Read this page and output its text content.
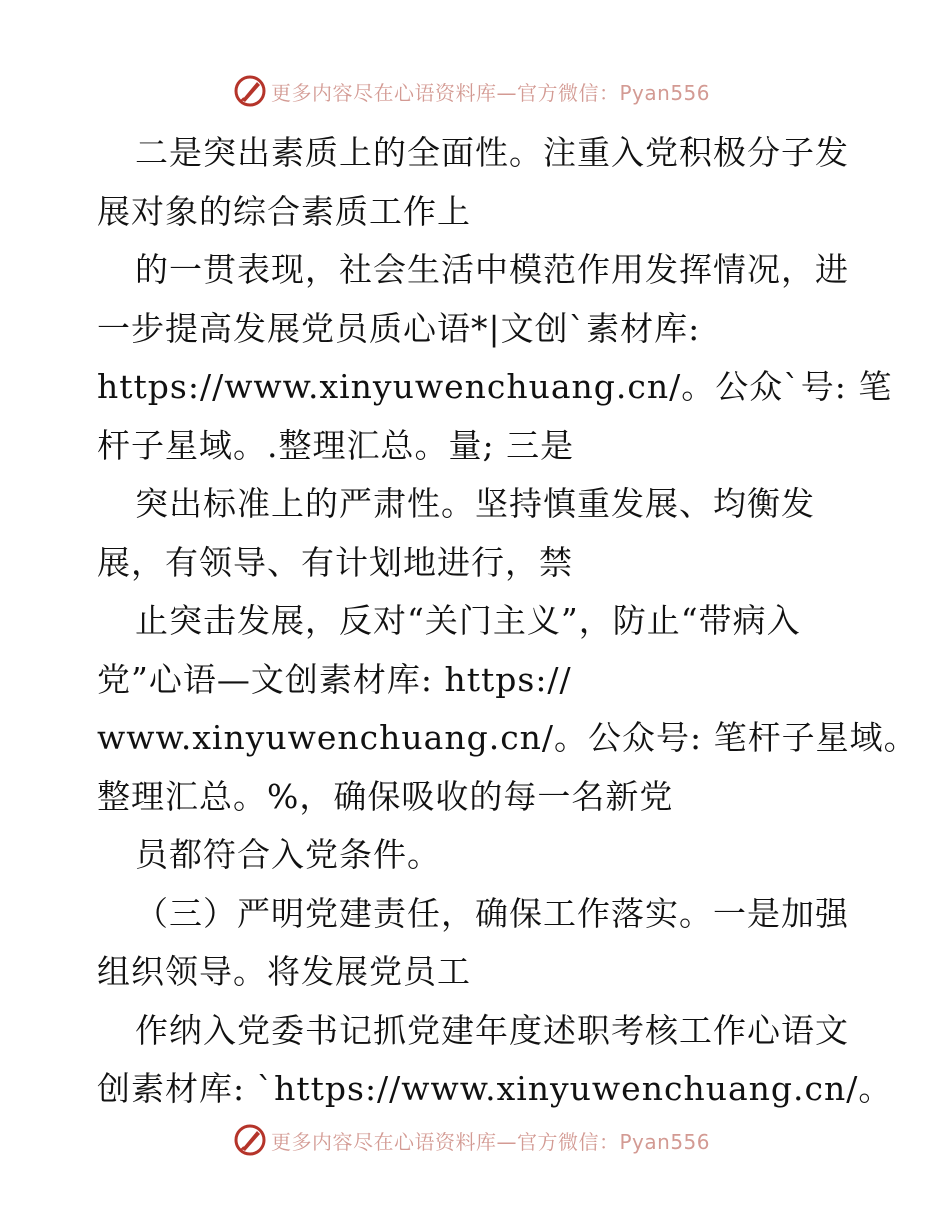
更多内容尽在心语资料库—官方微信：Pyan556
二是突出素质上的全面性。注重入党积极分子发
展对象的综合素质工作上
的一贯表现，社会生活中模范作用发挥情况，进
一步提高发展党员质心语*|文创`素材库:
https://www.xinyuwenchuang.cn/。公众`号: 笔
杆子星域。.整理汇总。量; 三是
突出标准上的严肃性。坚持慎重发展、均衡发
展，有领导、有计划地进行，禁
止突击发展，反对“关门主义”，防止“带病入
党”心语—文创素材库: https://
www.xinyuwenchuang.cn/。公众号: 笔杆子星域。
整理汇总。%，确保吸收的每一名新党
员都符合入党条件。
（三）严明党建责任，确保工作落实。一是加强
组织领导。将发展党员工
作纳入党委书记抓党建年度述职考核工作心语文
创素材库: `https://www.xinyuwenchuang.cn/。
更多内容尽在心语资料库—官方微信：Pyan556
